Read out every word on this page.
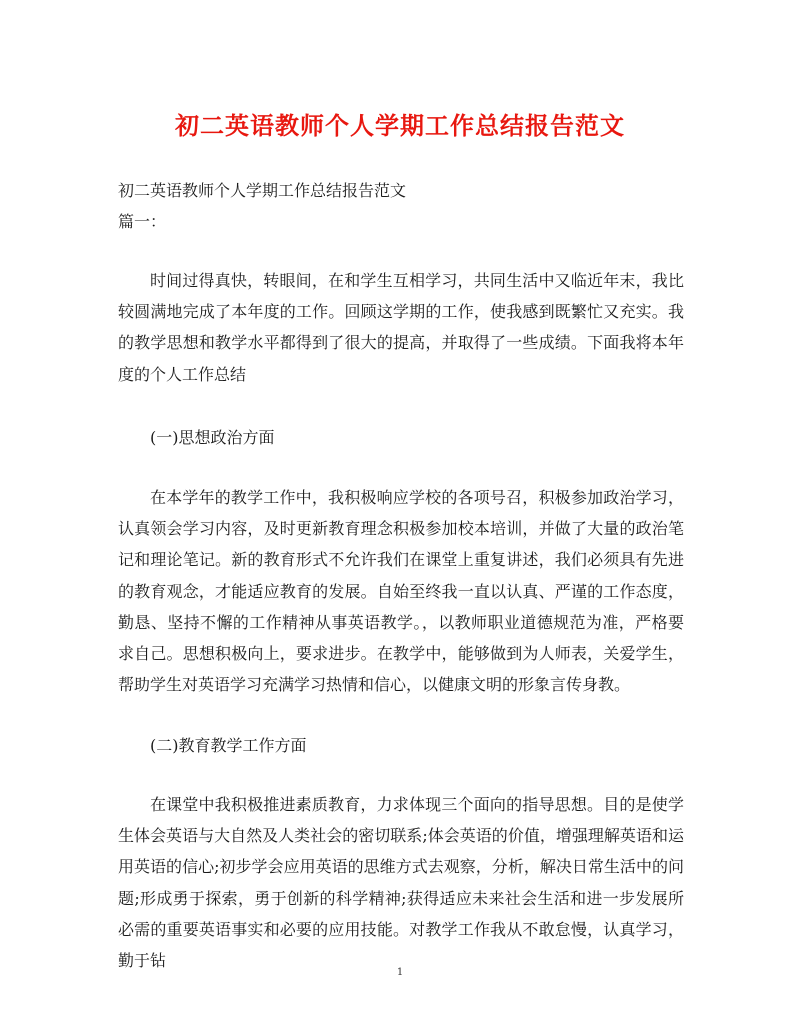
初二英语教师个人学期工作总结报告范文
初二英语教师个人学期工作总结报告范文
篇一：
时间过得真快，转眼间，在和学生互相学习，共同生活中又临近年末，我比较圆满地完成了本年度的工作。回顾这学期的工作，使我感到既繁忙又充实。我的教学思想和教学水平都得到了很大的提高，并取得了一些成绩。下面我将本年度的个人工作总结
(一)思想政治方面
在本学年的教学工作中，我积极响应学校的各项号召，积极参加政治学习，认真领会学习内容，及时更新教育理念积极参加校本培训，并做了大量的政治笔记和理论笔记。新的教育形式不允许我们在课堂上重复讲述，我们必须具有先进的教育观念，才能适应教育的发展。自始至终我一直以认真、严谨的工作态度，勤恳、坚持不懈的工作精神从事英语教学。，以教师职业道德规范为准，严格要求自己。思想积极向上，要求进步。在教学中，能够做到为人师表，关爱学生，帮助学生对英语学习充满学习热情和信心，以健康文明的形象言传身教。
(二)教育教学工作方面
在课堂中我积极推进素质教育，力求体现三个面向的指导思想。目的是使学生体会英语与大自然及人类社会的密切联系;体会英语的价值，增强理解英语和运用英语的信心;初步学会应用英语的思维方式去观察，分析，解决日常生活中的问题;形成勇于探索，勇于创新的科学精神;获得适应未来社会生活和进一步发展所必需的重要英语事实和必要的应用技能。对教学工作我从不敢怠慢，认真学习，勤于钻
1
